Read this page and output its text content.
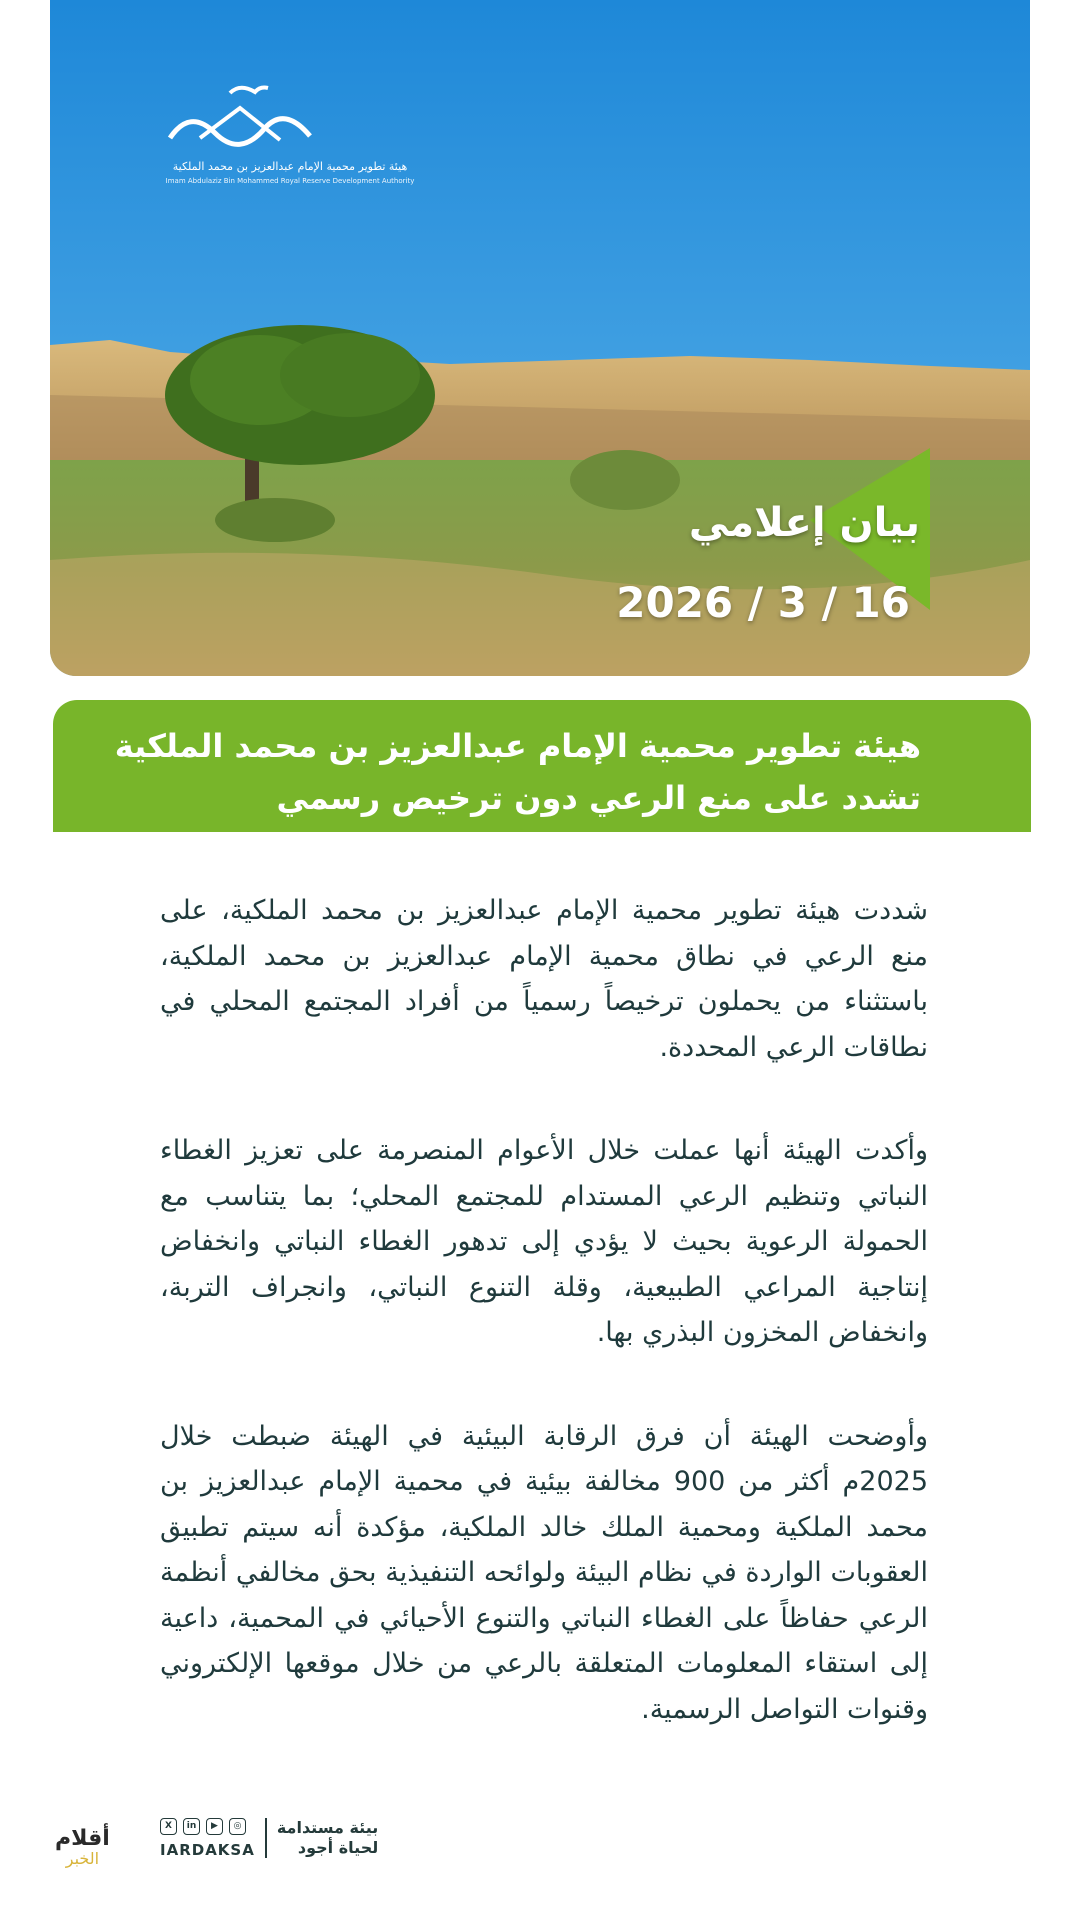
هيئة تطوير محمية الإمام عبدالعزيز بن محمد الملكية
Imam Abdulaziz Bin Mohammed Royal Reserve Development Authority
بيان إعلامي
2026 / 3 / 16
هيئة تطوير محمية الإمام عبدالعزيز بن محمد الملكية
تشدد على منع الرعي دون ترخيص رسمي

شددت هيئة تطوير محمية الإمام عبدالعزيز بن محمد الملكية، على منع الرعي في نطاق محمية الإمام عبدالعزيز بن محمد الملكية، باستثناء من يحملون ترخيصاً رسمياً من أفراد المجتمع المحلي في نطاقات الرعي المحددة.

وأكدت الهيئة أنها عملت خلال الأعوام المنصرمة على تعزيز الغطاء النباتي وتنظيم الرعي المستدام للمجتمع المحلي؛ بما يتناسب مع الحمولة الرعوية بحيث لا يؤدي إلى تدهور الغطاء النباتي وانخفاض إنتاجية المراعي الطبيعية، وقلة التنوع النباتي، وانجراف التربة، وانخفاض المخزون البذري بها.

وأوضحت الهيئة أن فرق الرقابة البيئية في الهيئة ضبطت خلال 2025م أكثر من 900 مخالفة بيئية في محمية الإمام عبدالعزيز بن محمد الملكية ومحمية الملك خالد الملكية، مؤكدة أنه سيتم تطبيق العقوبات الواردة في نظام البيئة ولوائحه التنفيذية بحق مخالفي أنظمة الرعي حفاظاً على الغطاء النباتي والتنوع الأحيائي في المحمية، داعية إلى استقاء المعلومات المتعلقة بالرعي من خلال موقعها الإلكتروني وقنوات التواصل الرسمية.

X	in	▶	◎
IARDAKSA
بيئة مستدامة
لحياة أجود
أقلام
الخبر
